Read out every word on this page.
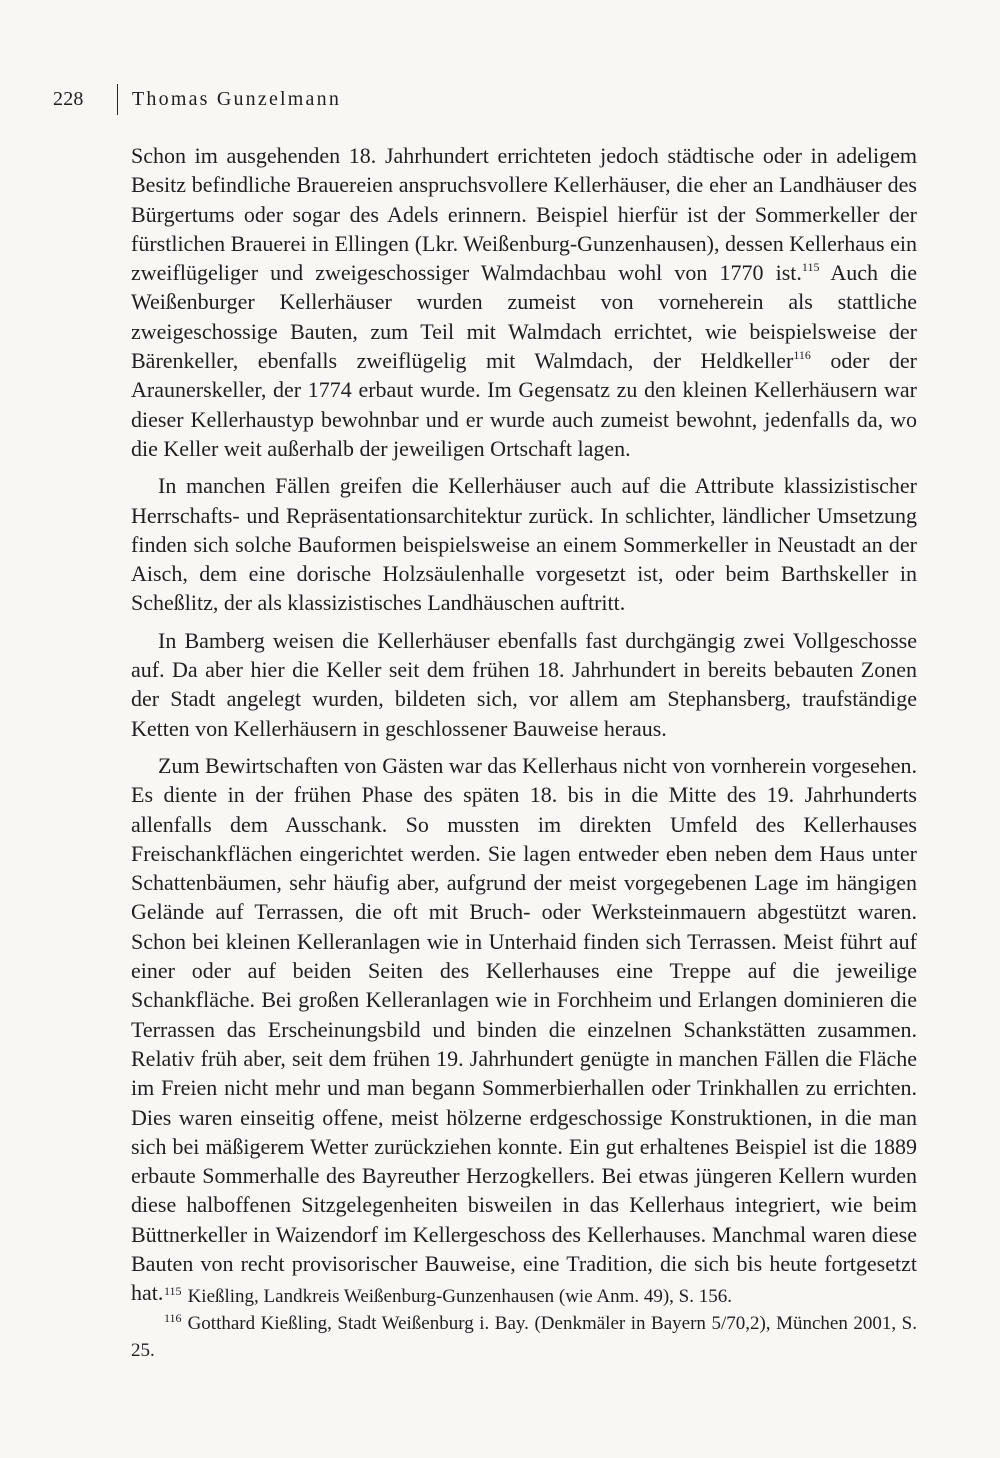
228	Thomas Gunzelmann

Schon im ausgehenden 18. Jahrhundert errichteten jedoch städtische oder in adeligem Besitz befindliche Brauereien anspruchsvollere Kellerhäuser, die eher an Landhäuser des Bürgertums oder sogar des Adels erinnern. Beispiel hierfür ist der Sommerkeller der fürstlichen Brauerei in Ellingen (Lkr. Weißenburg-Gunzenhausen), dessen Kellerhaus ein zweiflügeliger und zweigeschossiger Walmdachbau wohl von 1770 ist.$^{115}$ Auch die Weißenburger Kellerhäuser wurden zumeist von vorneherein als stattliche zweigeschossige Bauten, zum Teil mit Walmdach errichtet, wie beispielsweise der Bärenkeller, ebenfalls zweiflügelig mit Walmdach, der Heldkeller$^{116}$ oder der Araunerskeller, der 1774 erbaut wurde. Im Gegensatz zu den kleinen Kellerhäusern war dieser Kellerhaustyp bewohnbar und er wurde auch zumeist bewohnt, jedenfalls da, wo die Keller weit außerhalb der jeweiligen Ortschaft lagen.

In manchen Fällen greifen die Kellerhäuser auch auf die Attribute klassizistischer Herrschafts- und Repräsentationsarchitektur zurück. In schlichter, ländlicher Umsetzung finden sich solche Bauformen beispielsweise an einem Sommerkeller in Neustadt an der Aisch, dem eine dorische Holzsäulenhalle vorgesetzt ist, oder beim Barthskeller in Scheßlitz, der als klassizistisches Landhäuschen auftritt.

In Bamberg weisen die Kellerhäuser ebenfalls fast durchgängig zwei Vollgeschosse auf. Da aber hier die Keller seit dem frühen 18. Jahrhundert in bereits bebauten Zonen der Stadt angelegt wurden, bildeten sich, vor allem am Stephansberg, traufständige Ketten von Kellerhäusern in geschlossener Bauweise heraus.

Zum Bewirtschaften von Gästen war das Kellerhaus nicht von vornherein vorgesehen. Es diente in der frühen Phase des späten 18. bis in die Mitte des 19. Jahrhunderts allenfalls dem Ausschank. So mussten im direkten Umfeld des Kellerhauses Freischankflächen eingerichtet werden. Sie lagen entweder eben neben dem Haus unter Schattenbäumen, sehr häufig aber, aufgrund der meist vorgegebenen Lage im hängigen Gelände auf Terrassen, die oft mit Bruch- oder Werksteinmauern abgestützt waren. Schon bei kleinen Kelleranlagen wie in Unterhaid finden sich Terrassen. Meist führt auf einer oder auf beiden Seiten des Kellerhauses eine Treppe auf die jeweilige Schankfläche. Bei großen Kelleranlagen wie in Forchheim und Erlangen dominieren die Terrassen das Erscheinungsbild und binden die einzelnen Schankstätten zusammen. Relativ früh aber, seit dem frühen 19. Jahrhundert genügte in manchen Fällen die Fläche im Freien nicht mehr und man begann Sommerbierhallen oder Trinkhallen zu errichten. Dies waren einseitig offene, meist hölzerne erdgeschossige Konstruktionen, in die man sich bei mäßigerem Wetter zurückziehen konnte. Ein gut erhaltenes Beispiel ist die 1889 erbaute Sommerhalle des Bayreuther Herzogkellers. Bei etwas jüngeren Kellern wurden diese halboffenen Sitzgelegenheiten bisweilen in das Kellerhaus integriert, wie beim Büttnerkeller in Waizendorf im Kellergeschoss des Kellerhauses. Manchmal waren diese Bauten von recht provisorischer Bauweise, eine Tradition, die sich bis heute fortgesetzt hat. $^{115}$ Kießling, Landkreis Weißenburg-Gunzenhausen (wie Anm. 49), S. 156.

$^{116}$ Gotthard Kießling, Stadt Weißenburg i. Bay. (Denkmäler in Bayern 5/70,2), München 2001, S. 25.
